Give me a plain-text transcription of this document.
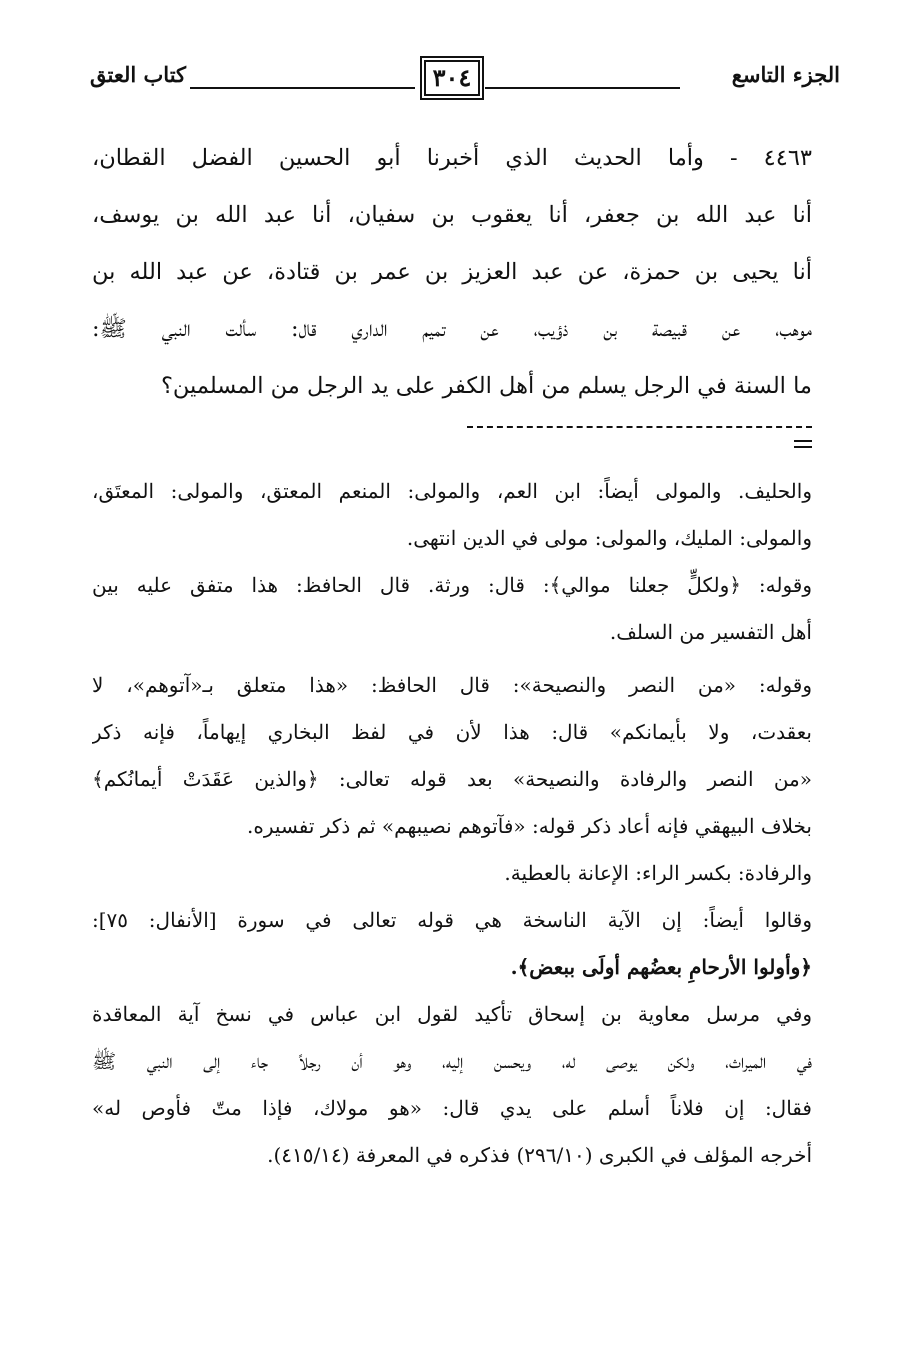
الجزء التاسع
٣٠٤
كتاب العتق

٤٤٦٣ - وأما الحديث الذي أخبرنا أبو الحسين الفضل القطان،

أنا عبد الله بن جعفر، أنا يعقوب بن سفيان، أنا عبد الله بن يوسف،

أنا يحيى بن حمزة، عن عبد العزيز بن عمر بن قتادة، عن عبد الله بن

موهب، عن قبيصة بن ذؤيب، عن تميم الداري قال: سألت النبي ﷺ:

ما السنة في الرجل يسلم من أهل الكفر على يد الرجل من المسلمين؟

والحليف. والمولى أيضاً: ابن العم، والمولى: المنعم المعتق، والمولى: المعتَق،

والمولى: المليك، والمولى: مولى في الدين انتهى.

وقوله: ﴿ولكلٍّ جعلنا موالي﴾: قال: ورثة. قال الحافظ: هذا متفق عليه بين

أهل التفسير من السلف.

وقوله: «من النصر والنصيحة»: قال الحافظ: «هذا متعلق بـ«آتوهم»، لا

بعقدت، ولا بأيمانكم» قال: هذا لأن في لفظ البخاري إيهاماً، فإنه ذكر

«من النصر والرفادة والنصيحة» بعد قوله تعالى: ﴿والذين عَقَدَتْ أيمانُكم﴾

بخلاف البيهقي فإنه أعاد ذكر قوله: «فآتوهم نصيبهم» ثم ذكر تفسيره.

والرفادة: بكسر الراء: الإعانة بالعطية.

وقالوا أيضاً: إن الآية الناسخة هي قوله تعالى في سورة [الأنفال: ٧٥]:

﴿وأولوا الأرحامِ بعضُهم أولَى ببعض﴾.

وفي مرسل معاوية بن إسحاق تأكيد لقول ابن عباس في نسخ آية المعاقدة

في الميراث، ولكن يوصى له، ويحسن إليه، وهو أن رجلاً جاء إلى النبي ﷺ

فقال: إن فلاناً أسلم على يدي قال: «هو مولاك، فإذا متّ فأوص له»

أخرجه المؤلف في الكبرى (٢٩٦/١٠) فذكره في المعرفة (٤١٥/١٤).
